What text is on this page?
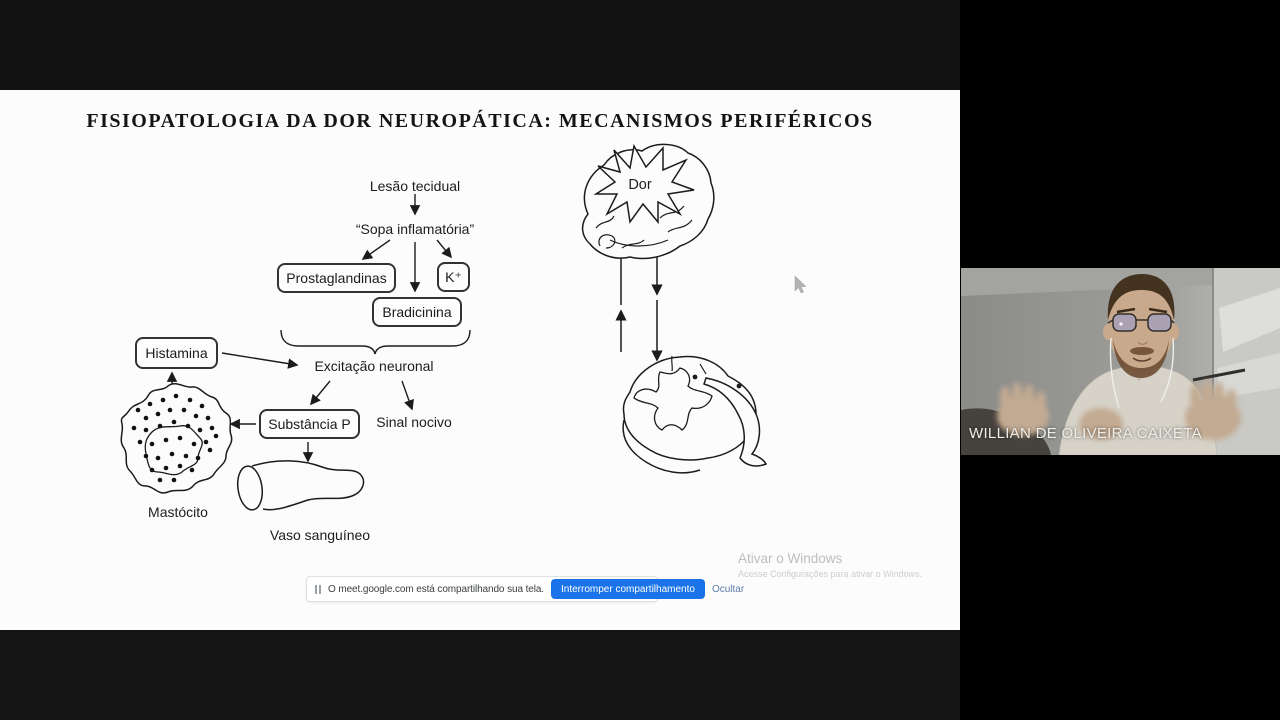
FISIOPATOLOGIA DA DOR NEUROPÁTICA: MECANISMOS PERIFÉRICOS
Lesão tecidual
“Sopa inflamatória”
Prostaglandinas	K⁺
Bradicinina
Histamina
Substância P
Excitação neuronal
Sinal nocivo
Mastócito
Vaso sanguíneo
Dor
O meet.google.com está compartilhando sua tela.	Interromper compartilhamento	Ocultar
Ativar o Windows
Acesse Configurações para ativar o Windows.
WILLIAN DE OLIVEIRA CAIXETA
